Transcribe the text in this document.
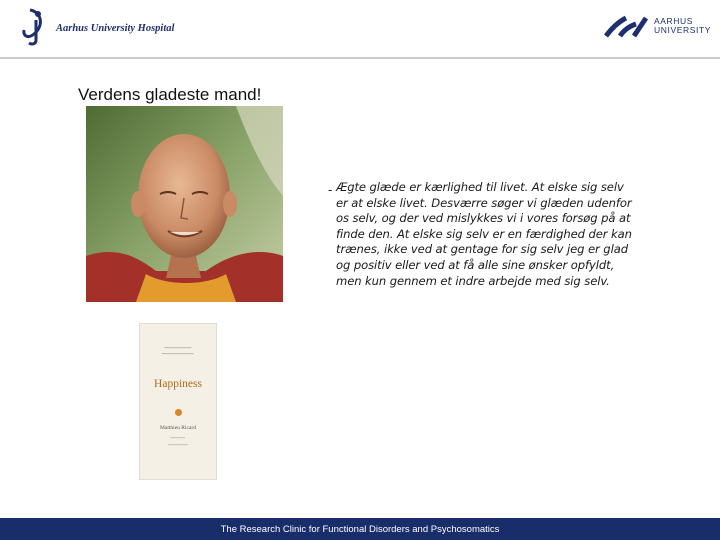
Aarhus University Hospital
AARHUS
UNIVERSITY
Verdens gladeste mand!
━━━━━━━━━━━
━━━━━━━━━━━━━
Happiness
Matthieu Ricard
━━━━━━
━━━━━━━━
- Ægte glæde er kærlighed til livet. At elske sig selv er at elske livet. Desværre søger vi glæden udenfor os selv, og der ved mislykkes vi i vores forsøg på at finde den. At elske sig selv er en færdighed der kan trænes, ikke ved at gentage for sig selv jeg er glad og positiv eller ved at få alle sine ønsker opfyldt, men kun gennem et indre arbejde med sig selv.

The Research Clinic for Functional Disorders and Psychosomatics
